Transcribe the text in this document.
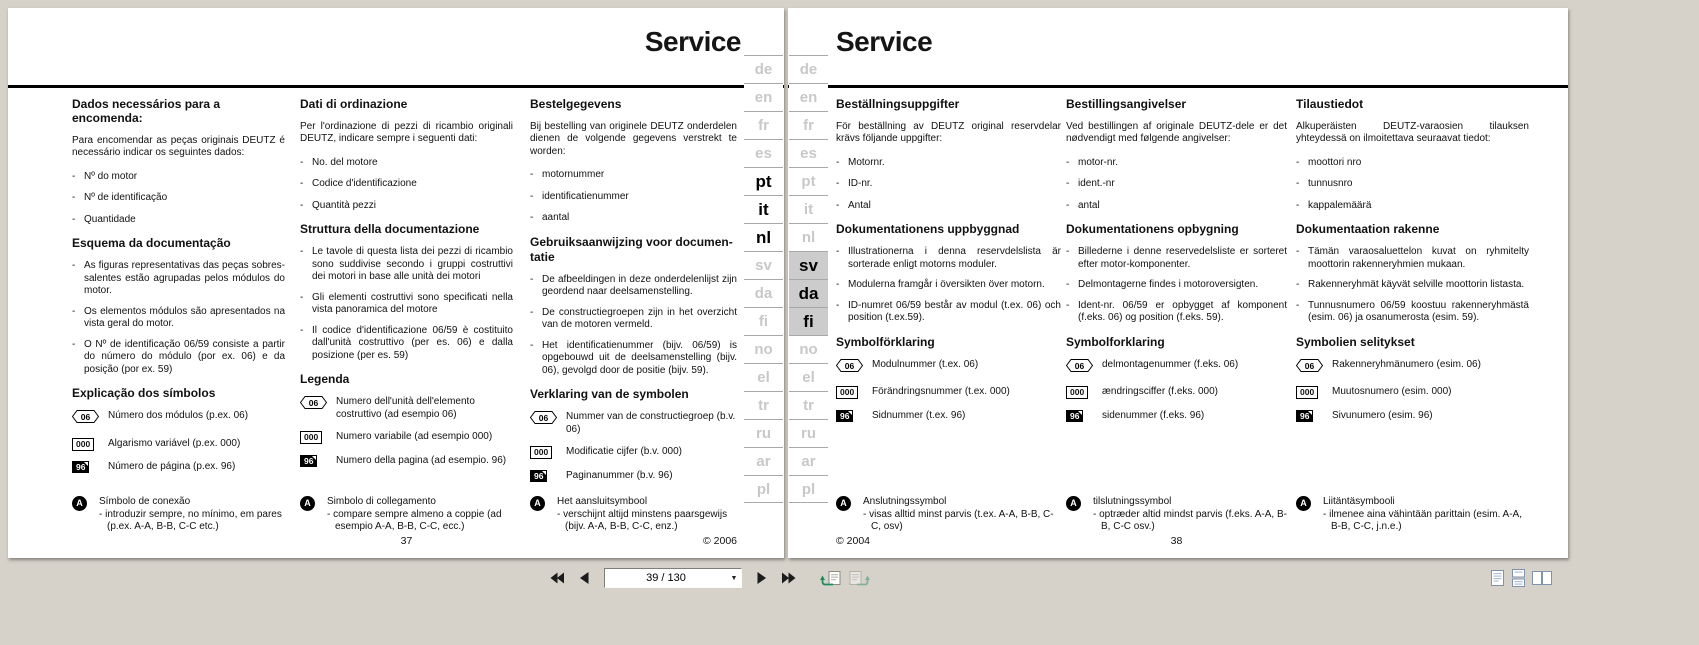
Service
Dados necessários para a encomenda:
Para encomendar as peças originais DEUTZ é necessário indicar os seguintes dados:
- Nº do motor
- Nº de identificação
- Quantidade
Esquema da documentação
- As figuras representativas das peças sobres-salentes estão agrupadas pelos módulos do motor.
- Os elementos módulos são apresentados na vista geral do motor.
- O Nº de identificação 06/59 consiste a partir do número do módulo (por ex. 06) e da posição (por ex. 59)
Explicação dos símbolos
06 Número dos módulos (p.ex. 06)
000	Algarismo variável (p.ex. 000)
96	Número de página (p.ex. 96)
A	Símbolo de conexão
- introduzir sempre, no mínimo, em pares (p.ex. A-A, B-B, C-C etc.)
Dati di ordinazione
Per l'ordinazione di pezzi di ricambio originali DEUTZ, indicare sempre i seguenti dati:
- No. del motore
- Codice d'identificazione
- Quantità pezzi
Struttura della documentazione
- Le tavole di questa lista dei pezzi di ricambio sono suddivise secondo i gruppi costruttivi dei motori in base alle unità dei motori
- Gli elementi costruttivi sono specificati nella vista panoramica del motore
- Il codice d'identificazione 06/59 è costituito dall'unità costruttivo (per es. 06) e dalla posizione (per es. 59)
Legenda
06 Numero dell'unità dell'elemento costruttivo (ad esempio 06)
000	Numero variabile (ad esempio 000)
96	Numero della pagina (ad esempio. 96)
A	Simbolo di collegamento
- compare sempre almeno a coppie (ad esempio A-A, B-B, C-C, ecc.)
Bestelgegevens
Bij bestelling van originele DEUTZ onderdelen dienen de volgende gegevens verstrekt te worden:
- motornummer
- identificatienummer
- aantal
Gebruiksaanwijzing voor documen-tatie
- De afbeeldingen in deze onderdelenlijst zijn geordend naar deelsamenstelling.
- De constructiegroepen zijn in het overzicht van de motoren vermeld.
- Het identificatienummer (bijv. 06/59) is opgebouwd uit de deelsamenstelling (bijv. 06), gevolgd door de positie (bijv. 59).
Verklaring van de symbolen
06 Nummer van de constructiegroep (b.v. 06)
000	Modificatie cijfer (b.v. 000)
96	Paginanummer (b.v. 96)
A	Het aansluitsymbool
- verschijnt altijd minstens paarsgewijs (bijv. A-A, B-B, C-C, enz.)
37	© 2006
Service
Beställningsuppgifter
För beställning av DEUTZ original reservdelar krävs följande uppgifter:
- Motornr.
- ID-nr.
- Antal
Dokumentationens uppbyggnad
- Illustrationerna i denna reservdelslista är sorterade enligt motorns moduler.
- Modulerna framgår i översikten över motorn.
- ID-numret 06/59 består av modul (t.ex. 06) och position (t.ex.59).
Symbolförklaring
06 Modulnummer (t.ex. 06)
000	Förändringsnummer (t.ex. 000)
96	Sidnummer (t.ex. 96)
A	Anslutningssymbol
- visas alltid minst parvis (t.ex. A-A, B-B, C-C, osv)
Bestillingsangivelser
Ved bestillingen af originale DEUTZ-dele er det nødvendigt med følgende angivelser:
- motor-nr.
- ident.-nr
- antal
Dokumentationens opbygning
- Billederne i denne reservedelsliste er sorteret efter motor-komponenter.
- Delmontagerne findes i motoroversigten.
- Ident-nr. 06/59 er opbygget af komponent (f.eks. 06) og position (f.eks. 59).
Symbolforklaring
06 delmontagenummer (f.eks. 06)
000	ændringsciffer (f.eks. 000)
96	sidenummer (f.eks. 96)
A	tilslutningssymbol
- optræder altid mindst parvis (f.eks. A-A, B-B, C-C osv.)
Tilaustiedot
Alkuperäisten DEUTZ-varaosien tilauksen yhteydessä on ilmoitettava seuraavat tiedot:
- moottori nro
- tunnusnro
- kappalemäärä
Dokumentaation rakenne
- Tämän varaosaluettelon kuvat on ryhmitelty moottorin rakenneryhmien mukaan.
- Rakenneryhmät käyvät selville moottorin listasta.
- Tunnusnumero 06/59 koostuu rakenneryhmästä (esim. 06) ja osanumerosta (esim. 59).
Symbolien selitykset
06 Rakenneryhmänumero (esim. 06)
000	Muutosnumero (esim. 000)
96	Sivunumero (esim. 96)
A	Liitäntäsymbooli
- ilmenee aina vähintään parittain (esim. A-A, B-B, C-C, j.n.e.)
© 2004	38
de
en
fr
es
pt
it
nl
sv
da
fi
no
el
tr
ru
ar
pl
de
en
fr
es
pt
it
nl
sv
da
fi
no
el
tr
ru
ar
pl
39 / 130	▼
